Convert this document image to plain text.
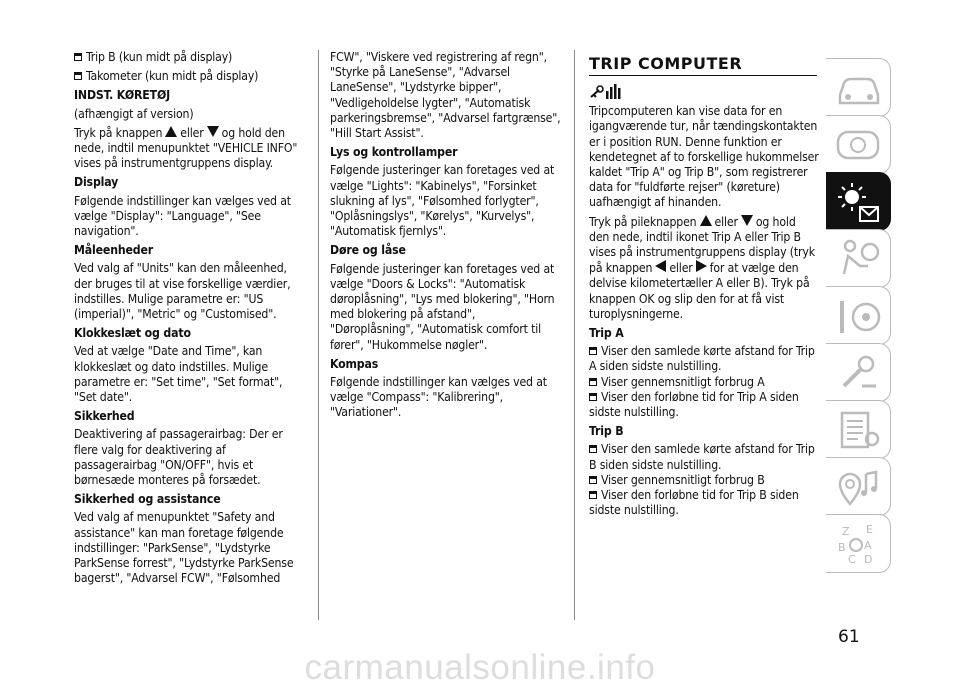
Trip B (kun midt på display)

Takometer (kun midt på display)

INDST. KØRETØJ

(afhængigt af version)

Tryk på knappen eller og hold den nede, indtil menupunktet "VEHICLE INFO" vises på instrumentgruppens display.

Display

Følgende indstillinger kan vælges ved at vælge "Display": "Language", "See navigation".

Måleenheder

Ved valg af "Units" kan den måleenhed, der bruges til at vise forskellige værdier, indstilles. Mulige parametre er: "US (imperial)", "Metric" og "Customised".

Klokkeslæt og dato

Ved at vælge "Date and Time", kan klokkeslæt og dato indstilles. Mulige parametre er: "Set time", "Set format", "Set date".

Sikkerhed

Deaktivering af passagerairbag: Der er flere valg for deaktivering af passagerairbag "ON/OFF", hvis et børnesæde monteres på forsædet.

Sikkerhed og assistance

Ved valg af menupunktet "Safety and assistance" kan man foretage følgende indstillinger: "ParkSense", "Lydstyrke ParkSense forrest", "Lydstyrke ParkSense bagerst", "Advarsel FCW", "Følsomhed

FCW", "Viskere ved registrering af regn", "Styrke på LaneSense", "Advarsel LaneSense", "Lydstyrke bipper", "Vedligeholdelse lygter", "Automatisk parkeringsbremse", "Advarsel fartgrænse", "Hill Start Assist".

Lys og kontrollamper

Følgende justeringer kan foretages ved at vælge "Lights": "Kabinelys", "Forsinket slukning af lys", "Følsomhed forlygter", "Oplåsningslys", "Kørelys", "Kurvelys", "Automatisk fjernlys".

Døre og låse

Følgende justeringer kan foretages ved at vælge "Doors & Locks": "Automatisk døroplåsning", "Lys med blokering", "Horn med blokering på afstand", "Døroplåsning", "Automatisk comfort til fører", "Hukommelse nøgler".

Kompas

Følgende indstillinger kan vælges ved at vælge "Compass": "Kalibrering", "Variationer".

TRIP COMPUTER

Tripcomputeren kan vise data for en igangværende tur, når tændingskontakten er i position RUN. Denne funktion er kendetegnet af to forskellige hukommelser kaldet "Trip A" og Trip B", som registrerer data for "fuldførte rejser" (køreture) uafhængigt af hinanden.

Tryk på pileknappen eller og hold den nede, indtil ikonet Trip A eller Trip B vises på instrumentgruppens display (tryk på knappen eller for at vælge den delvise kilometertæller A eller B). Tryk på knappen OK og slip den for at få vist turoplysningerne.

Trip A

Viser den samlede kørte afstand for Trip A siden sidste nulstilling.

Viser gennemsnitligt forbrug A

Viser den forløbne tid for Trip A siden sidste nulstilling.

Trip B

Viser den samlede kørte afstand for Trip B siden sidste nulstilling.

Viser gennemsnitligt forbrug B

Viser den forløbne tid for Trip B siden sidste nulstilling.

Z E
B A
C D
61
carmanualsonline.info
